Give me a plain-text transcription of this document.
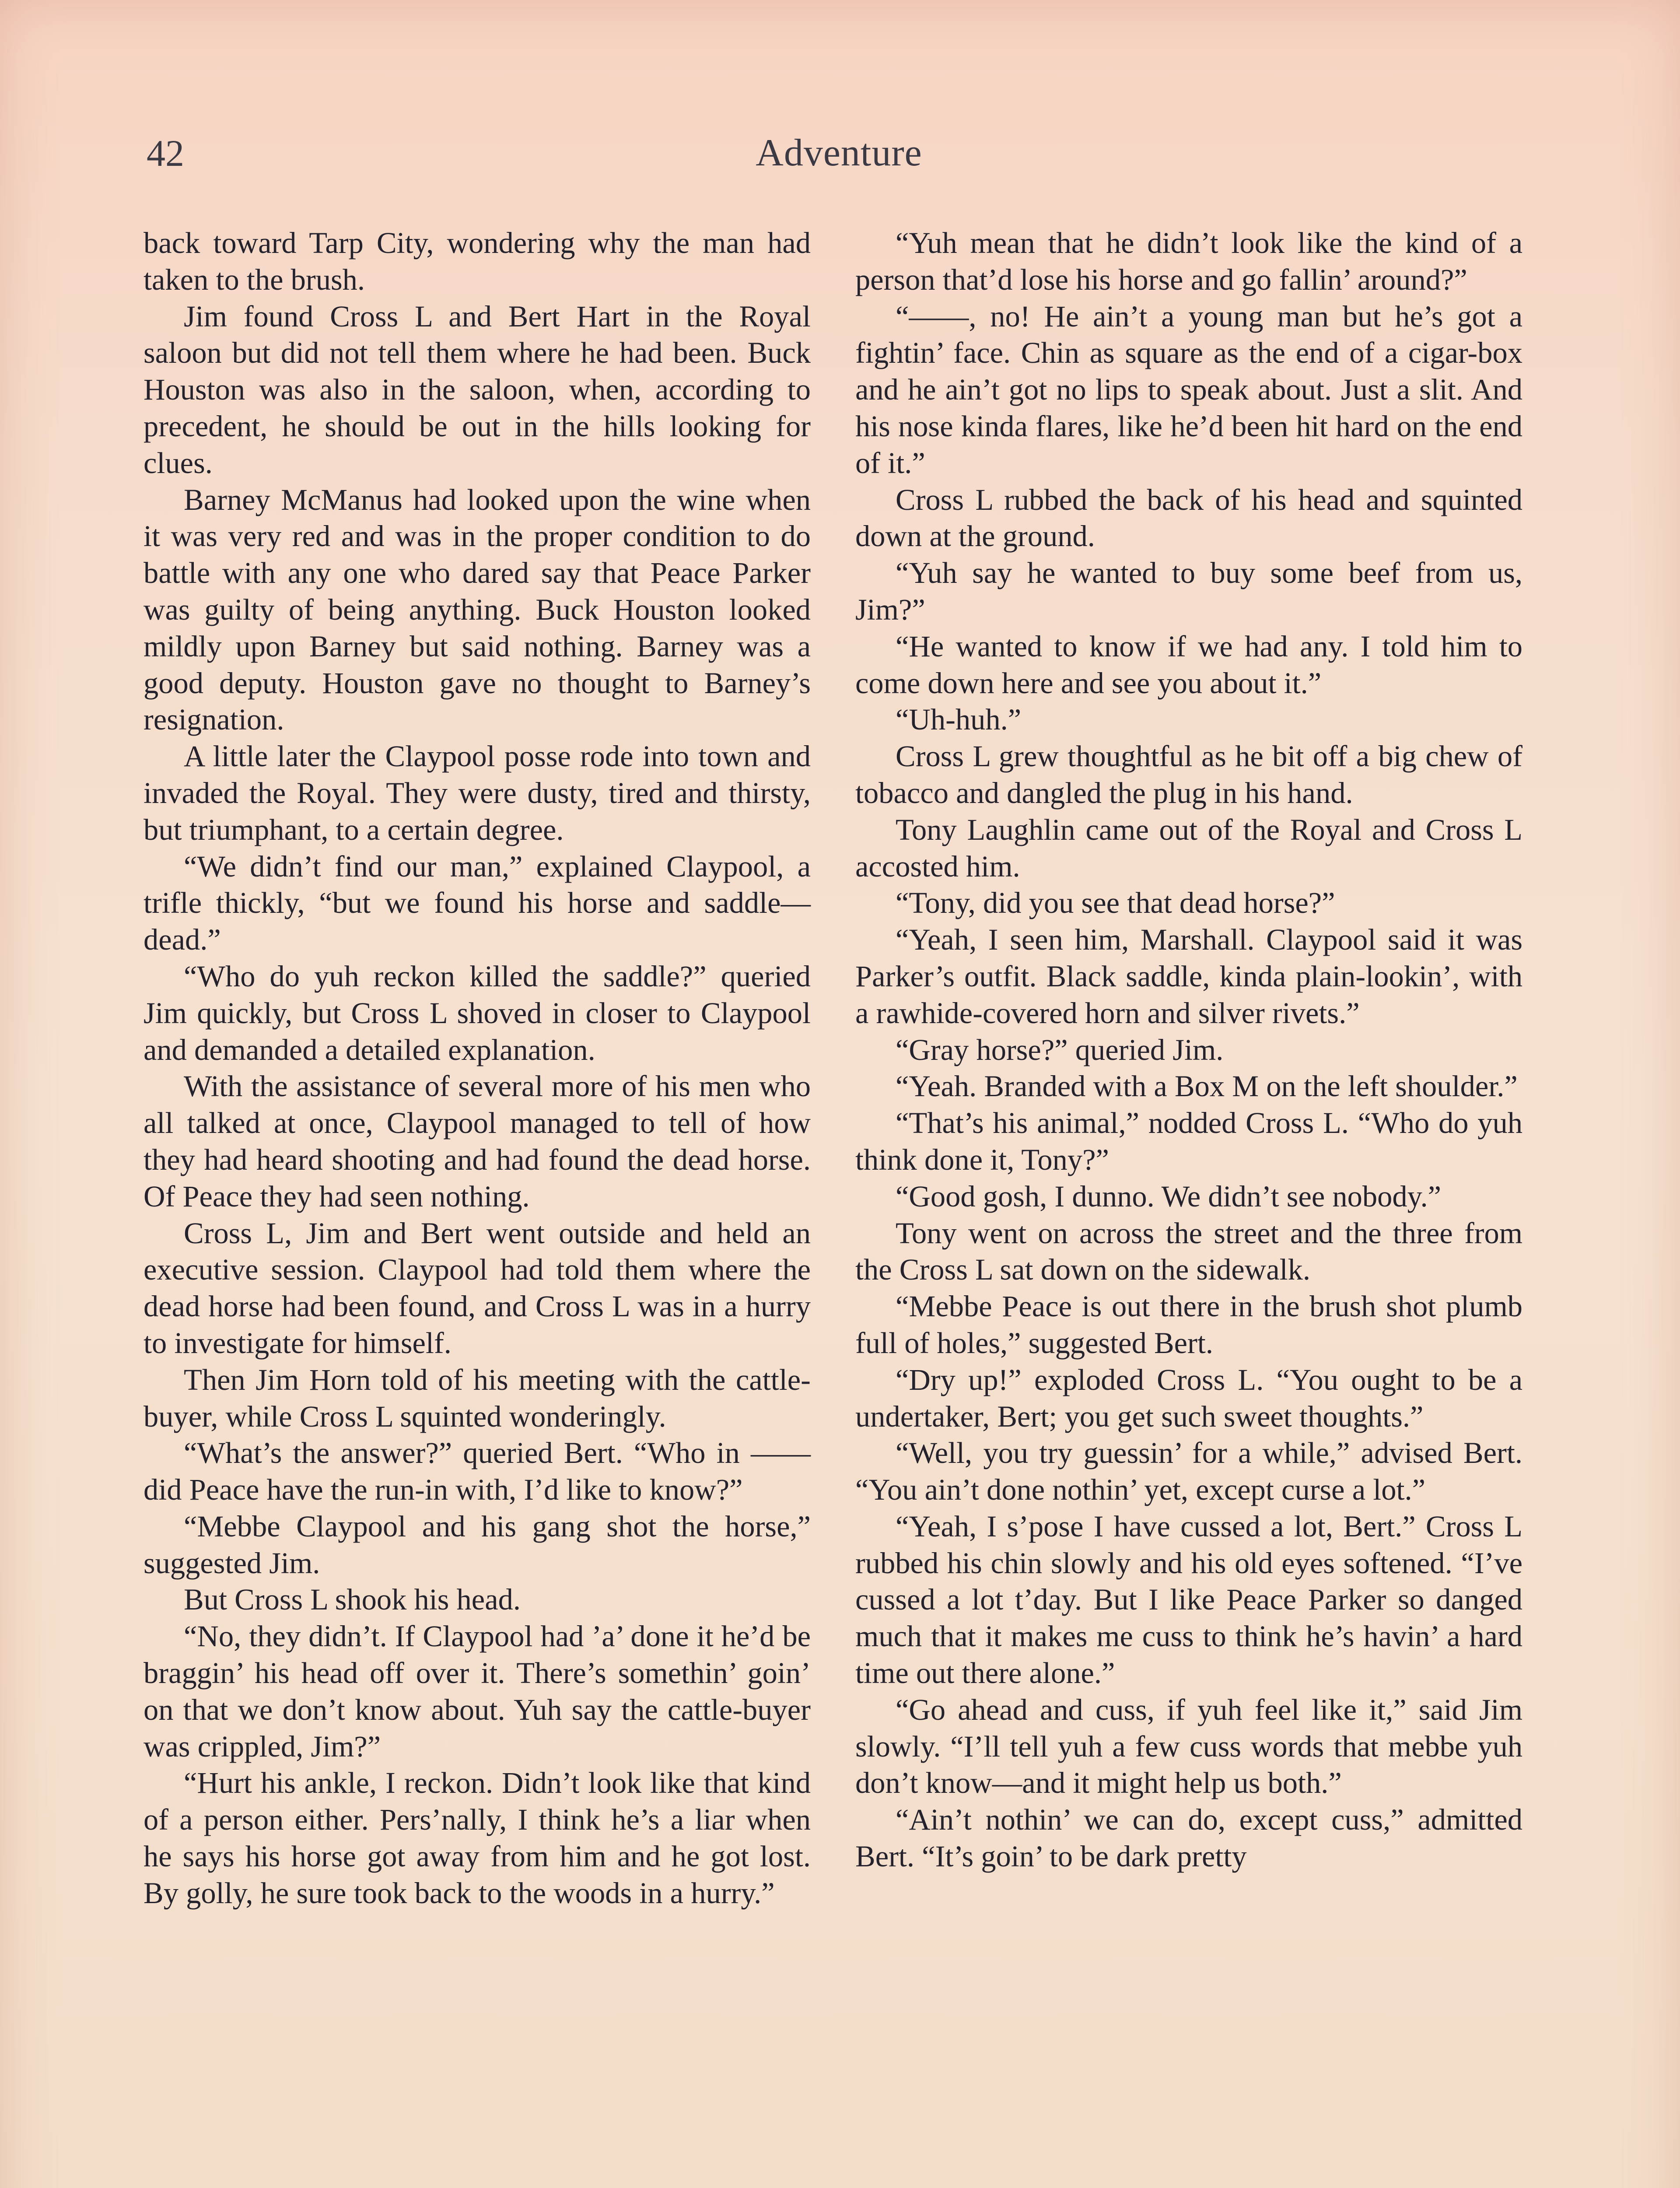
42	Adventure

back toward Tarp City, wondering why the man had taken to the brush.

Jim found Cross L and Bert Hart in the Royal saloon but did not tell them where he had been. Buck Houston was also in the saloon, when, according to precedent, he should be out in the hills looking for clues.

Barney McManus had looked upon the wine when it was very red and was in the proper condition to do battle with any one who dared say that Peace Parker was guilty of being anything. Buck Houston looked mildly upon Barney but said nothing. Barney was a good deputy. Houston gave no thought to Barney’s resignation.

A little later the Claypool posse rode into town and invaded the Royal. They were dusty, tired and thirsty, but triumphant, to a certain degree.

“We didn’t find our man,” explained Claypool, a trifle thickly, “but we found his horse and saddle—dead.”

“Who do yuh reckon killed the saddle?” queried Jim quickly, but Cross L shoved in closer to Claypool and demanded a detailed explanation.

With the assistance of several more of his men who all talked at once, Claypool managed to tell of how they had heard shooting and had found the dead horse. Of Peace they had seen nothing.

Cross L, Jim and Bert went outside and held an executive session. Claypool had told them where the dead horse had been found, and Cross L was in a hurry to investigate for himself.

Then Jim Horn told of his meeting with the cattle-buyer, while Cross L squinted wonderingly.

“What’s the answer?” queried Bert. “Who in —— did Peace have the run-in with, I’d like to know?”

“Mebbe Claypool and his gang shot the horse,” suggested Jim.

But Cross L shook his head.

“No, they didn’t. If Claypool had ’a’ done it he’d be braggin’ his head off over it. There’s somethin’ goin’ on that we don’t know about. Yuh say the cattle-buyer was crippled, Jim?”

“Hurt his ankle, I reckon. Didn’t look like that kind of a person either. Pers’nally, I think he’s a liar when he says his horse got away from him and he got lost. By golly, he sure took back to the woods in a hurry.”

“Yuh mean that he didn’t look like the kind of a person that’d lose his horse and go fallin’ around?”

“——, no! He ain’t a young man but he’s got a fightin’ face. Chin as square as the end of a cigar-box and he ain’t got no lips to speak about. Just a slit. And his nose kinda flares, like he’d been hit hard on the end of it.”

Cross L rubbed the back of his head and squinted down at the ground.

“Yuh say he wanted to buy some beef from us, Jim?”

“He wanted to know if we had any. I told him to come down here and see you about it.”

“Uh-huh.”

Cross L grew thoughtful as he bit off a big chew of tobacco and dangled the plug in his hand.

Tony Laughlin came out of the Royal and Cross L accosted him.

“Tony, did you see that dead horse?”

“Yeah, I seen him, Marshall. Claypool said it was Parker’s outfit. Black saddle, kinda plain-lookin’, with a rawhide-covered horn and silver rivets.”

“Gray horse?” queried Jim.

“Yeah. Branded with a Box M on the left shoulder.”

“That’s his animal,” nodded Cross L. “Who do yuh think done it, Tony?”

“Good gosh, I dunno. We didn’t see nobody.”

Tony went on across the street and the three from the Cross L sat down on the sidewalk.

“Mebbe Peace is out there in the brush shot plumb full of holes,” suggested Bert.

“Dry up!” exploded Cross L. “You ought to be a undertaker, Bert; you get such sweet thoughts.”

“Well, you try guessin’ for a while,” advised Bert. “You ain’t done nothin’ yet, except curse a lot.”

“Yeah, I s’pose I have cussed a lot, Bert.” Cross L rubbed his chin slowly and his old eyes softened. “I’ve cussed a lot t’day. But I like Peace Parker so danged much that it makes me cuss to think he’s havin’ a hard time out there alone.”

“Go ahead and cuss, if yuh feel like it,” said Jim slowly. “I’ll tell yuh a few cuss words that mebbe yuh don’t know—and it might help us both.”

“Ain’t nothin’ we can do, except cuss,” admitted Bert. “It’s goin’ to be dark pretty
